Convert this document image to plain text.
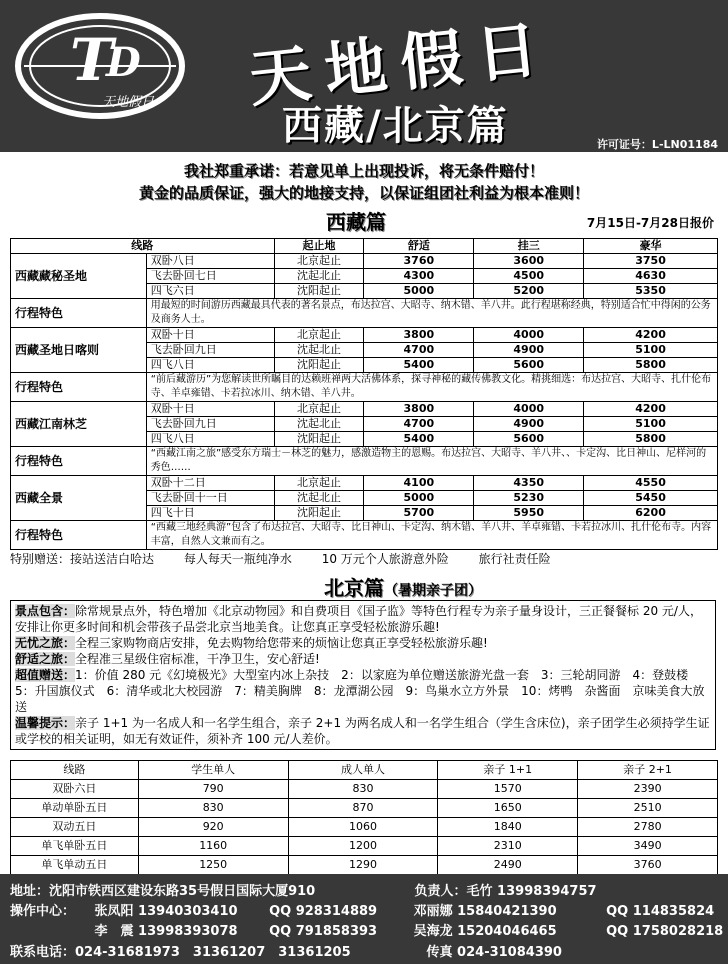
T
D
天地假日 天地假日
西藏/北京篇	许可证号：L-LN01184
我社郑重承诺：若意见单上出现投诉，将无条件赔付！
黄金的品质保证，强大的地接支持，以保证组团社利益为根本准则！
西藏篇	7月15日-7月28日报价
线路		起止地	舒适	挂三	豪华
西藏藏秘圣地	双卧八日	北京起止	3760	3600	3750
	飞去卧回七日	沈起北止	4300	4500	4630
	四飞六日	沈阳起止	5000	5200	5350
行程特色	用最短的时间游历西藏最具代表的著名景点，布达拉宫、大昭寺、纳木错、羊八井。此行程堪称经典，特别适合忙中得闲的公务及商务人士。				
西藏圣地日喀则	双卧十日	北京起止	3800	4000	4200
	飞去卧回九日	沈起北止	4700	4900	5100
	四飞八日	沈阳起止	5400	5600	5800
行程特色	“前后藏游历”为您解读世所瞩目的达赖班禅两大活佛体系，探寻神秘的藏传佛教文化。精挑细选：布达拉宫、大昭寺、扎什伦布寺、羊卓雍错、卡若拉冰川、纳木错、羊八井。				
西藏江南林芝	双卧十日	北京起止	3800	4000	4200
	飞去卧回九日	沈起北止	4700	4900	5100
	四飞八日	沈阳起止	5400	5600	5800
行程特色	“西藏江南之旅”感受东方瑞士－林芝的魅力，感激造物主的恩赐。布达拉宫、大昭寺、羊八井、、卡定沟、比日神山、尼样河的秀色……				
西藏全景	双卧十二日	北京起止	4100	4350	4550
	飞去卧回十一日	沈起北止	5000	5230	5450
	四飞十日	沈阳起止	5700	5950	6200
行程特色	“西藏三地经典游”包含了布达拉宫、大昭寺、比日神山、卡定沟、纳木错、羊八井、羊卓雍错、卡若拉冰川、扎什伦布寺。内容丰富，自然人文兼而有之。				
特别赠送：接站送洁白哈达 每人每天一瓶纯净水 10 万元个人旅游意外险 旅行社责任险
北京篇（暑期亲子团）

景点包含：除常规景点外，特色增加《北京动物园》和自费项目《国子监》等特色行程专为亲子量身设计，三正餐餐标 20 元/人，安排让你更多时间和机会带孩子品尝北京当地美食。让您真正享受轻松旅游乐趣!

无忧之旅：全程三家购物商店安排，免去购物给您带来的烦恼让您真正享受轻松旅游乐趣!

舒适之旅：全程准三星级住宿标准，干净卫生，安心舒适!

超值赠送：1：价值 280 元《幻境极光》大型室内冰上杂技　2：以家庭为单位赠送旅游光盘一套　3：三轮胡同游　4：登鼓楼　5：升国旗仪式　6：清华或北大校园游　7：精美胸牌　8：龙潭湖公园　9：鸟巢水立方外景　10：烤鸭　杂酱面　京味美食大放送

温馨提示：亲子 1+1 为一名成人和一名学生组合，亲子 2+1 为两名成人和一名学生组合（学生含床位)，亲子团学生必须持学生证或学校的相关证明，如无有效证件，须补齐 100 元/人差价。

线路	学生单人	成人单人	亲子 1+1	亲子 2+1
双卧六日	790	830	1570	2390
单动单卧五日	830	870	1650	2510
双动五日	920	1060	1840	2780
单飞单卧五日	1160	1200	2310	3490
单飞单动五日	1250	1290	2490	3760
地址：沈阳市铁西区建设东路35号假日国际大厦910	负责人：毛竹 13998394757
操作中心： 张凤阳 13940303410 QQ 928314889	邓丽娜 15840421390	QQ 114835824
李　震 13998393078 QQ 791858393	吴海龙 15204046465	QQ 1758028218
联系电话：024-31681973　31361207　31361205	传真 024-31084390
